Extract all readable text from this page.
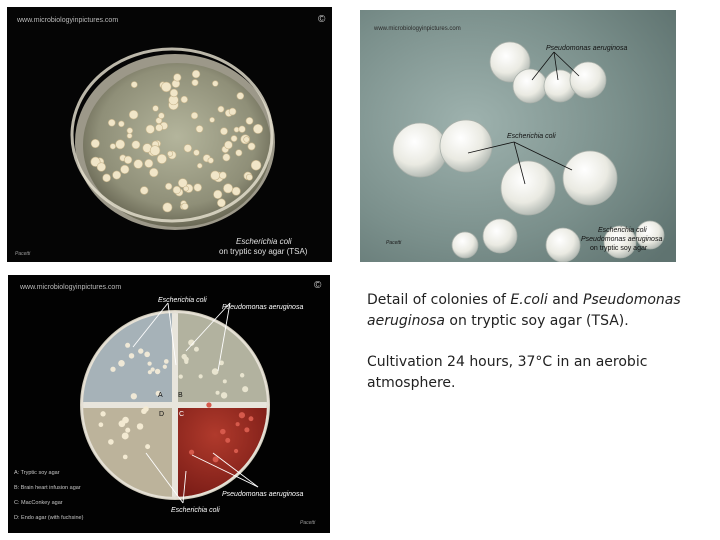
www.microbiologyinpictures.com	©
Escherichia coli
on tryptic soy agar (TSA)
Pacetti
www.microbiologyinpictures.com
Pseudomonas aeruginosa
Escherichia coli
Escherichia coli
Pseudomonas aeruginosa
on tryptic soy agar
Pacetti
www.microbiologyinpictures.com	©
Escherichia coli
Pseudomonas aeruginosa
A B
D C
Pseudomonas aeruginosa
Escherichia coli
A: Tryptic soy agar
B: Brain heart infusion agar
C: MacConkey agar
D: Endo agar (with fuchsine)
Pacetti

Detail of colonies of E.coli and Pseudomonas aeruginosa on tryptic soy agar (TSA).

Cultivation 24 hours, 37°C in an aerobic atmosphere.
